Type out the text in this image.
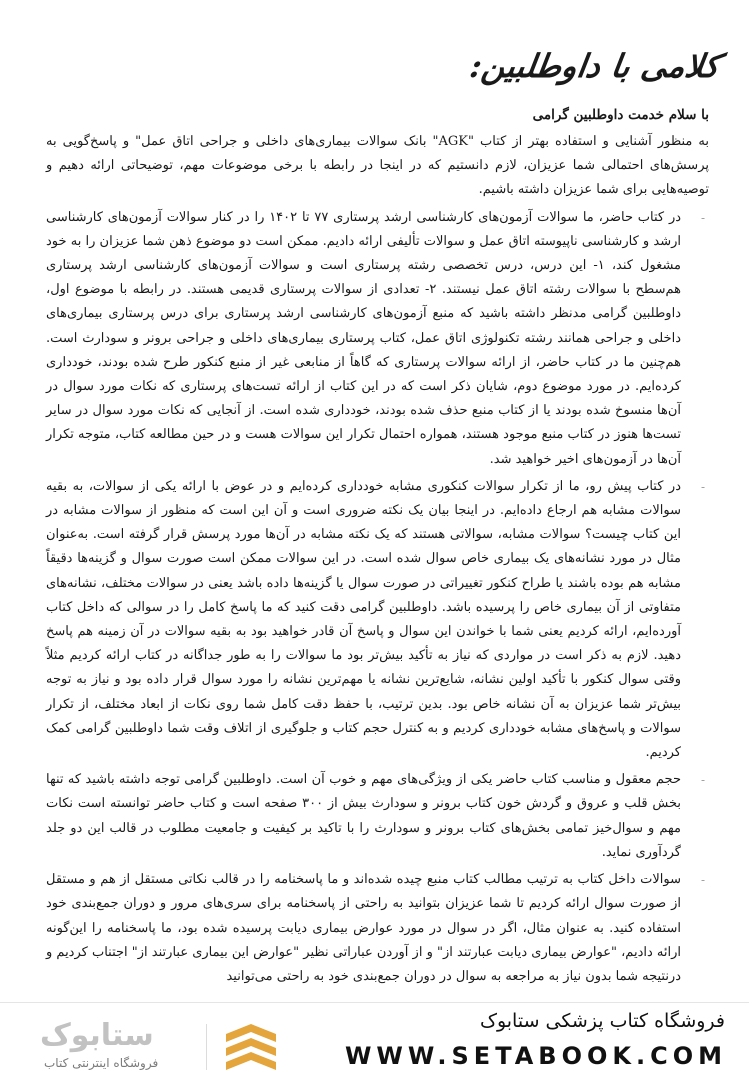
کلامی با داوطلبین:
با سلام خدمت داوطلبین گرامی

به منظور آشنایی و استفاده بهتر از کتاب "AGK" بانک سوالات بیماری‌های داخلی و جراحی اتاق عمل" و پاسخ‌گویی به پرسش‌های احتمالی شما عزیزان، لازم دانستیم که در اینجا در رابطه با برخی موضوعات مهم، توضیحاتی ارائه دهیم و توصیه‌هایی برای شما عزیزان داشته باشیم.

-
در کتاب حاضر، ما سوالات آزمون‌های کارشناسی ارشد پرستاری ۷۷ تا ۱۴۰۲ را در کنار سوالات آزمون‌های کارشناسی ارشد و کارشناسی ناپیوسته اتاق عمل و سوالات تألیفی ارائه دادیم. ممکن است دو موضوع ذهن شما عزیزان را به خود مشغول کند، ۱- این درس، درس تخصصی رشته پرستاری است و سوالات آزمون‌های کارشناسی ارشد پرستاری هم‌سطح با سوالات رشته اتاق عمل نیستند. ۲- تعدادی از سوالات پرستاری قدیمی هستند. در رابطه با موضوع اول، داوطلبین گرامی مدنظر داشته باشید که منبع آزمون‌های کارشناسی ارشد پرستاری برای درس پرستاری بیماری‌های داخلی و جراحی همانند رشته تکنولوژی اتاق عمل، کتاب پرستاری بیماری‌های داخلی و جراحی برونر و سودارث است. هم‌چنین ما در کتاب حاضر، از ارائه سوالات پرستاری که گاهاً از منابعی غیر از منبع کنکور طرح شده بودند، خودداری کرده‌ایم. در مورد موضوع دوم، شایان ذکر است که در این کتاب از ارائه تست‌های پرستاری که نکات مورد سوال در آن‌ها منسوخ شده بودند یا از کتاب منبع حذف شده بودند، خودداری شده است. از آنجایی که نکات مورد سوال در سایر تست‌ها هنوز در کتاب منبع موجود هستند، همواره احتمال تکرار این سوالات هست و در حین مطالعه کتاب، متوجه تکرار آن‌ها در آزمون‌های اخیر خواهید شد.
-
در کتاب پیش رو، ما از تکرار سوالات کنکوری مشابه خودداری کرده‌ایم و در عوض با ارائه یکی از سوالات، به بقیه سوالات مشابه هم ارجاع داده‌ایم. در اینجا بیان یک نکته ضروری است و آن این است که منظور از سوالات مشابه در این کتاب چیست؟ سوالات مشابه، سوالاتی هستند که یک نکته مشابه در آن‌ها مورد پرسش قرار گرفته است. به‌عنوان مثال در مورد نشانه‌های یک بیماری خاص سوال شده است. در این سوالات ممکن است صورت سوال و گزینه‌ها دقیقاً مشابه هم بوده باشند یا طراح کنکور تغییراتی در صورت سوال یا گزینه‌ها داده باشد یعنی در سوالات مختلف، نشانه‌های متفاوتی از آن بیماری خاص را پرسیده باشد. داوطلبین گرامی دقت کنید که ما پاسخ کامل را در سوالی که داخل کتاب آورده‌ایم، ارائه کردیم یعنی شما با خواندن این سوال و پاسخ آن قادر خواهید بود به بقیه سوالات در آن زمینه هم پاسخ دهید. لازم به ذکر است در مواردی که نیاز به تأکید بیش‌تر بود ما سوالات را به طور جداگانه در کتاب ارائه کردیم مثلاً وقتی سوال کنکور با تأکید اولین نشانه، شایع‌ترین نشانه یا مهم‌ترین نشانه را مورد سوال قرار داده بود و نیاز به توجه بیش‌تر شما عزیزان به آن نشانه خاص بود. بدین ترتیب، با حفظ دقت کامل شما روی نکات از ابعاد مختلف، از تکرار سوالات و پاسخ‌های مشابه خودداری کردیم و به کنترل حجم کتاب و جلوگیری از اتلاف وقت شما داوطلبین گرامی کمک کردیم.
-
حجم معقول و مناسب کتاب حاضر یکی از ویژگی‌های مهم و خوب آن است. داوطلبین گرامی توجه داشته باشید که تنها بخش قلب و عروق و گردش خون کتاب برونر و سودارث بیش از ۳۰۰ صفحه است و کتاب حاضر توانسته است نکات مهم و سوال‌خیز تمامی بخش‌های کتاب برونر و سودارث را با تاکید بر کیفیت و جامعیت مطلوب در قالب این دو جلد گردآوری نماید.
-
سوالات داخل کتاب به ترتیب مطالب کتاب منبع چیده شده‌اند و ما پاسخنامه را در قالب نکاتی مستقل از هم و مستقل از صورت سوال ارائه کردیم تا شما عزیزان بتوانید به راحتی از پاسخنامه برای سری‌های مرور و دوران جمع‌بندی خود استفاده کنید. به عنوان مثال، اگر در سوال در مورد عوارض بیماری دیابت پرسیده شده بود، ما پاسخنامه را این‌گونه ارائه دادیم، "عوارض بیماری دیابت عبارتند از" و از آوردن عباراتی نظیر "عوارض این بیماری عبارتند از" اجتناب کردیم و درنتیجه شما بدون نیاز به مراجعه به سوال در دوران جمع‌بندی خود به راحتی می‌توانید
ستابوک
فروشگاه اینترنتی کتاب
فروشگاه کتاب پزشکی ستابوک
WWW.SETABOOK.COM
